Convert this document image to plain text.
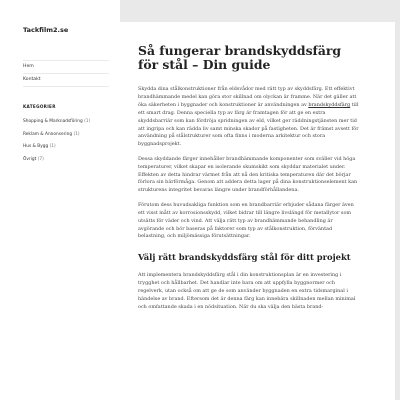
Tackfilm2.se
Hem
Kontakt
KATEGORIER
Shopping & Marknadsföring (1)
Reklam & Annonsering (1)
Hus & Bygg (1)
Övrigt (7)
Så fungerar brandskyddsfärg för stål – Din guide

Skydda dina stålkonstruktioner från eldsvådor med rätt typ av skyddsfärg. Ett effektivt brandhämmande medel kan göra stor skillnad om olyckan är framme. När det gäller att öka säkerheten i byggnader och konstruktioner är användningen av brandskyddsfärg till ett smart drag. Denna speciella typ av färg är framtagen för att ge en extra skyddsbarriär som kan fördröja spridningen av eld, vilket ger räddningstjänsten mer tid att ingripa och kan rädda liv samt minska skador på fastigheten. Det är främst avsett för användning på stålstrukturer som ofta finns i moderna arkitektur och stora byggnadsprojekt.

Dessa skyddande färger innehåller brandhämmande komponenter som sväller vid höga temperaturer, vilket skapar en isolerande skumskikt som skyddar materialet under. Effekten av detta hindrar värmet från att nå den kritiska temperaturen där det börjar förlora sin bärförmåga. Genom att addera detta lager på dina konstruktionselement kan strukturens integritet bevaras längre under brandförhållandena.

Förutom dess huvudsakliga funktion som en brandbarriär erbjuder sådana färger även ett visst mått av korrosionsskydd, vilket bidrar till längre livslängd för metallytor som utsätts för väder och vind. Att välja rätt typ av brandhämmande behandling är avgörande och bör baseras på faktorer som typ av stålkonstruktion, förväntad belastning, och miljömässiga förutsättningar.

Välj rätt brandskyddsfärg stål för ditt projekt

Att implementera brandskyddsfärg stål i din konstruktionsplan är en investering i trygghet och hållbarhet. Det handlar inte bara om att uppfylla byggnormer och regelverk, utan också om att ge de som använder byggnaden en extra tidsmarginal i händelse av brand. Eftersom det är denna färg kan innebära skillnaden mellan minimal och omfattande skada i en nödsituation. När du ska välja den bästa brand-
